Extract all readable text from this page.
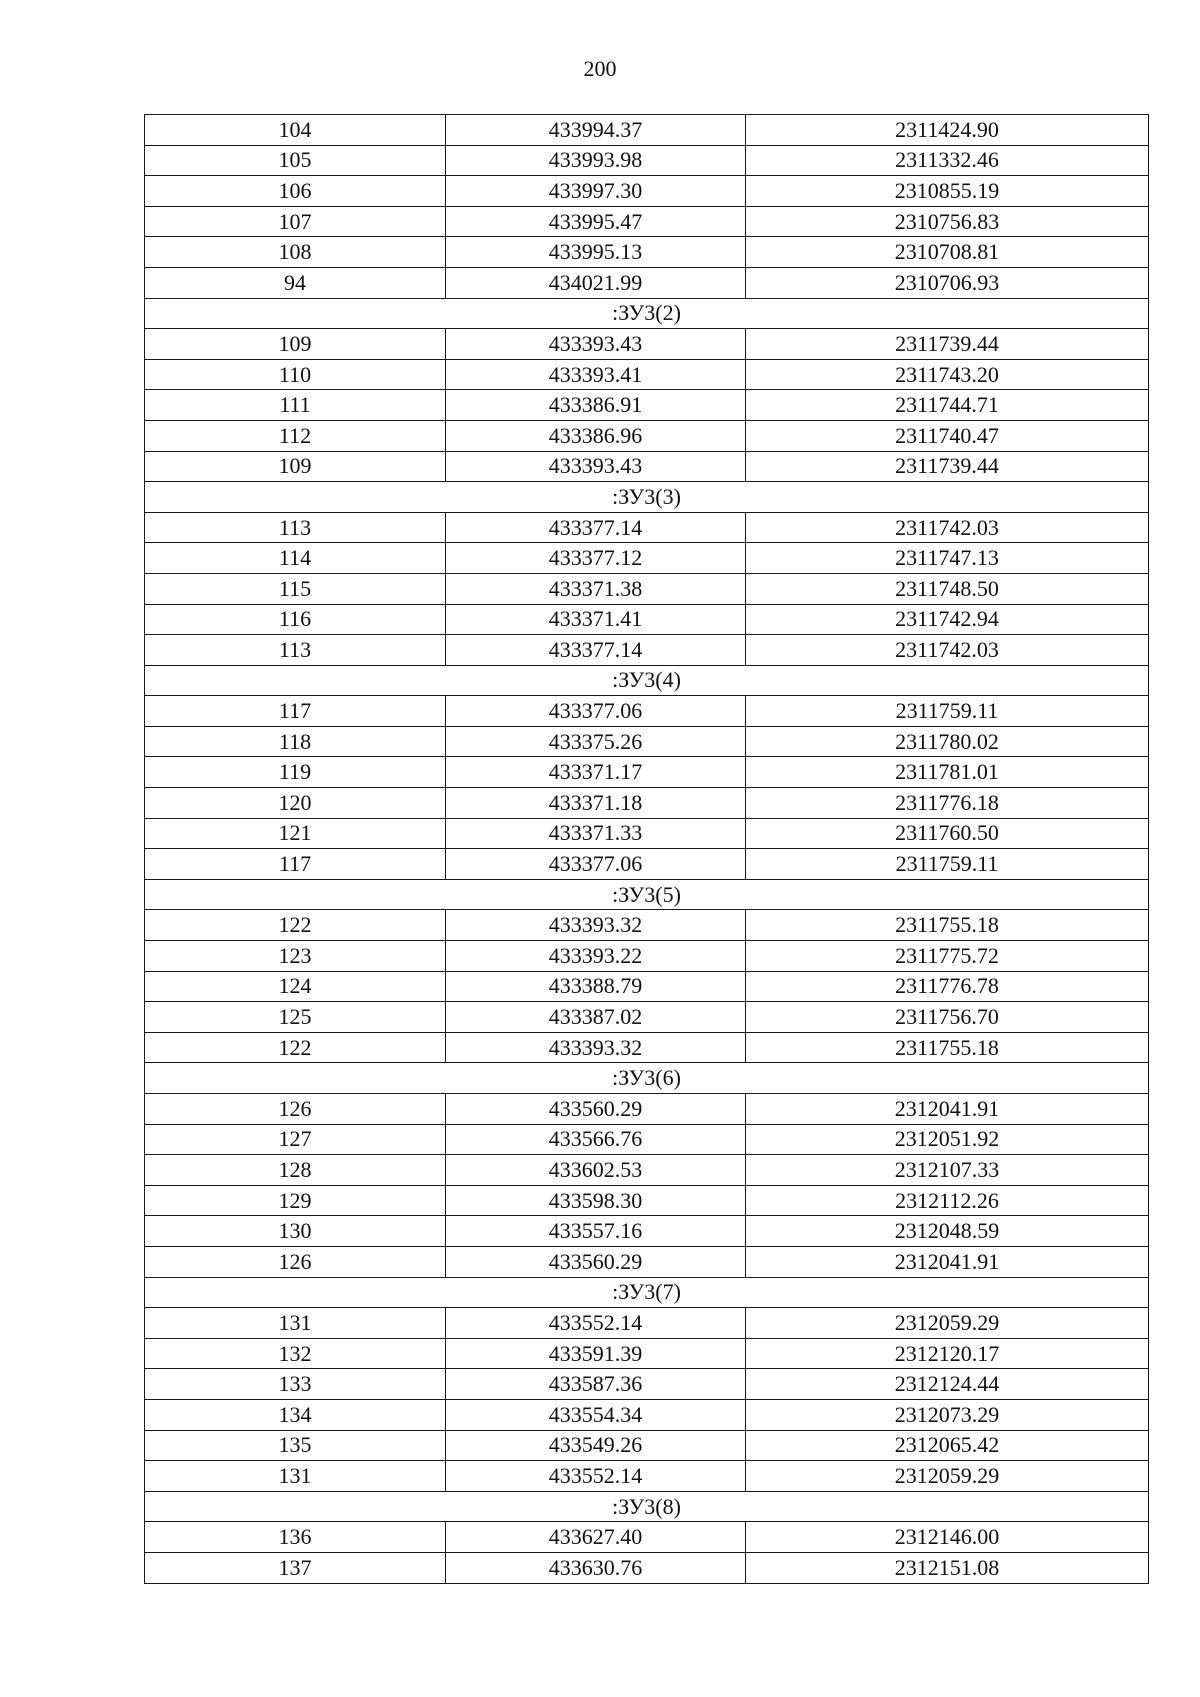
200
104	433994.37	2311424.90
105	433993.98	2311332.46
106	433997.30	2310855.19
107	433995.47	2310756.83
108	433995.13	2310708.81
94	434021.99	2310706.93
:ЗУ3(2)		
109	433393.43	2311739.44
110	433393.41	2311743.20
111	433386.91	2311744.71
112	433386.96	2311740.47
109	433393.43	2311739.44
:ЗУ3(3)		
113	433377.14	2311742.03
114	433377.12	2311747.13
115	433371.38	2311748.50
116	433371.41	2311742.94
113	433377.14	2311742.03
:ЗУ3(4)		
117	433377.06	2311759.11
118	433375.26	2311780.02
119	433371.17	2311781.01
120	433371.18	2311776.18
121	433371.33	2311760.50
117	433377.06	2311759.11
:ЗУ3(5)		
122	433393.32	2311755.18
123	433393.22	2311775.72
124	433388.79	2311776.78
125	433387.02	2311756.70
122	433393.32	2311755.18
:ЗУ3(6)		
126	433560.29	2312041.91
127	433566.76	2312051.92
128	433602.53	2312107.33
129	433598.30	2312112.26
130	433557.16	2312048.59
126	433560.29	2312041.91
:ЗУ3(7)		
131	433552.14	2312059.29
132	433591.39	2312120.17
133	433587.36	2312124.44
134	433554.34	2312073.29
135	433549.26	2312065.42
131	433552.14	2312059.29
:ЗУ3(8)		
136	433627.40	2312146.00
137	433630.76	2312151.08
